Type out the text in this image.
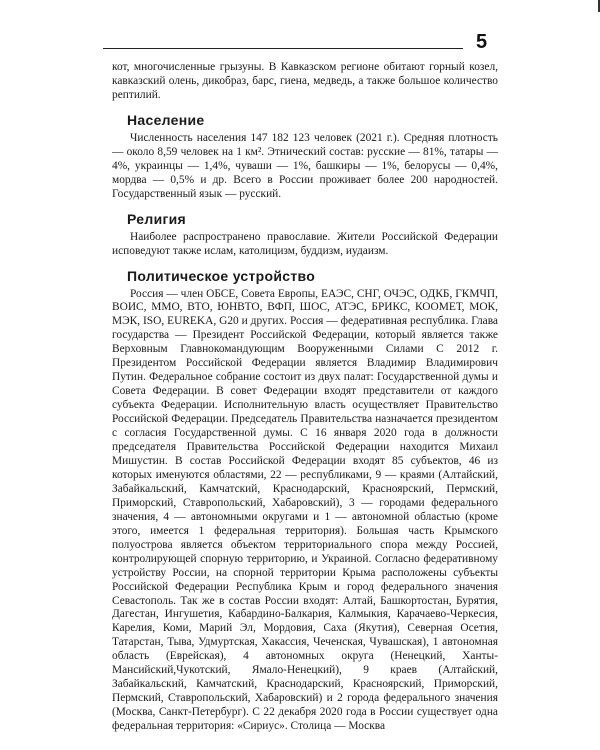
5

кот, многочисленные грызуны. В Кавказском регионе обитают горный козел, кавказский олень, дикобраз, барс, гиена, медведь, а также большое количество рептилий.

Население

Численность населения 147 182 123 человек (2021 г.). Средняя плотность — около 8,59 человек на 1 км². Этнический состав: русские — 81%, татары — 4%, украинцы — 1,4%, чуваши — 1%, башкиры — 1%, белорусы — 0,4%, мордва — 0,5% и др. Всего в России проживает более 200 народностей. Государственный язык — русский.

Религия

Наиболее распространено православие. Жители Российской Федерации исповедуют также ислам, католицизм, буддизм, иудаизм.

Политическое устройство

Россия — член ОБСЕ, Совета Европы, ЕАЭС, СНГ, ОЧЭС, ОДКБ, ГКМЧП, ВОИС, ММО, ВТО, ЮНВТО, ВФП, ШОС, АТЭС, БРИКС, КООМЕТ, МОК, МЭК, ISO, EUREKA, G20 и других. Россия — федеративная республика. Глава государства — Президент Российской Федерации, который является также Верховным Главнокомандующим Вооруженными Силами С 2012 г. Президентом Российской Федерации является Владимир Владимирович Путин. Федеральное собрание состоит из двух палат: Государственной думы и Совета Федерации. В совет Федерации входят представители от каждого субъекта Федерации. Исполнительную власть осуществляет Правительство Российской Федерации. Председатель Правительства назначается президентом с согласия Государственной думы. С 16 января 2020 года в должности председателя Правительства Российской Федерации находится Михаил Мишустин. В состав Российской Федерации входят 85 субъектов, 46 из которых именуются областями, 22 — республиками, 9 — краями (Алтайский, Забайкальский, Камчатский, Краснодарский, Красноярский, Пермский, Приморский, Ставропольский, Хабаровский), 3 — городами федерального значения, 4 — автономными округами и 1 — автономной областью (кроме этого, имеется 1 федеральная территория). Большая часть Крымского полуострова является объектом территориального спора между Россией, контролирующей спорную территорию, и Украиной. Согласно федеративному устройству России, на спорной территории Крыма расположены субъекты Российской Федерации Республика Крым и город федерального значения Севастополь. Так же в состав России входят: Алтай, Башкортостан, Бурятия, Дагестан, Ингушетия, Кабардино-Балкария, Калмыкия, Карачаево-Черкесия, Карелия, Коми, Марий Эл, Мордовия, Саха (Якутия), Северная Осетия, Татарстан, Тыва, Удмуртская, Хакассия, Чеченская, Чувашская), 1 автономная область (Еврейская), 4 автономных округа (Ненецкий, Ханты-Мансийский,Чукотский, Ямало-Ненецкий), 9 краев (Алтайский, Забайкальский, Камчатский, Краснодарский, Красноярский, Приморский, Пермский, Ставропольский, Хабаровский) и 2 города федерального значения (Москва, Санкт-Петербург). С 22 декабря 2020 года в России существует одна федеральная территория: «Сириус». Столица — Москва
